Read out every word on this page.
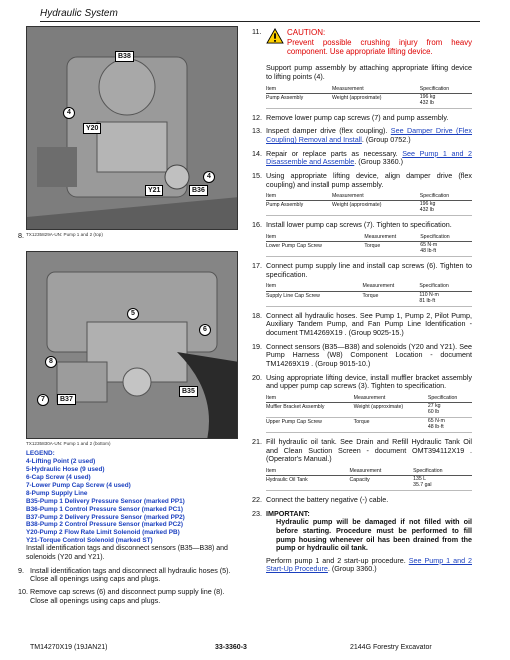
Hydraulic System
B38
4
Y20
4
Y21	B36
8. TX1235829A-UN: Pump 1 and 2 (top)
5
6
8
7	B37
B35
TX1235830A-UN: Pump 1 and 2 (bottom)
LEGEND:
4-Lifting Point (2 used)
5-Hydraulic Hose (9 used)
6-Cap Screw (4 used)
7-Lower Pump Cap Screw (4 used)
8-Pump Supply Line
B35-Pump 1 Delivery Pressure Sensor (marked PP1)
B36-Pump 1 Control Pressure Sensor (marked PC1)
B37-Pump 2 Delivery Pressure Sensor (marked PP2)
B38-Pump 2 Control Pressure Sensor (marked PC2)
Y20-Pump 2 Flow Rate Limit Solenoid (marked PB)
Y21-Torque Control Solenoid (marked ST)
Install identification tags and disconnect sensors (B35—B38) and solenoids (Y20 and Y21).
9. Install identification tags and disconnect all hydraulic hoses (5). Close all openings using caps and plugs.
10. Remove cap screws (6) and disconnect pump supply line (8). Close all openings using caps and plugs.
11.	CAUTION:
Prevent possible crushing injury from heavy component. Use appropriate lifting device.
Support pump assembly by attaching appropriate lifting device to lifting points (4).
Item	Measurement	Specification
Pump Assembly	Weight (approximate)	196 kg
432 lb
12. Remove lower pump cap screws (7) and pump assembly.
13. Inspect damper drive (flex coupling). See Damper Drive (Flex Coupling) Removal and Install. (Group 0752.)
14. Repair or replace parts as necessary. See Pump 1 and 2 Disassemble and Assemble. (Group 3360.)
15. Using appropriate lifting device, align damper drive (flex coupling) and install pump assembly.
Item	Measurement	Specification
Pump Assembly	Weight (approximate)	196 kg
432 lb
16. Install lower pump cap screws (7). Tighten to specification.
Item	Measurement	Specification
Lower Pump Cap Screw	Torque	65 N·m
48 lb·ft
17. Connect pump supply line and install cap screws (6). Tighten to specification.
Item	Measurement	Specification
Supply Line Cap Screw	Torque	110 N·m
81 lb·ft
18. Connect all hydraulic hoses. See Pump 1, Pump 2, Pilot Pump, Auxiliary Tandem Pump, and Fan Pump Line Identification - document TM14269X19 . (Group 9025-15.)
19. Connect sensors (B35—B38) and solenoids (Y20 and Y21). See Pump Harness (W8) Component Location - document TM14269X19 . (Group 9015-10.)
20. Using appropriate lifting device, install muffler bracket assembly and upper pump cap screws (3). Tighten to specification.
Item	Measurement	Specification
Muffler Bracket Assembly	Weight (approximate)	27 kg
60 lb
Upper Pump Cap Screw	Torque	65 N·m
48 lb·ft
21. Fill hydraulic oil tank. See Drain and Refill Hydraulic Tank Oil and Clean Suction Screen - document OMT394112X19 . (Operator's Manual.)
Item	Measurement	Specification
Hydraulic Oil Tank	Capacity	135 L
35.7 gal
22. Connect the battery negative (-) cable.
23. IMPORTANT:
Hydraulic pump will be damaged if not filled with oil before starting. Procedure must be performed to fill pump housing whenever oil has been drained from the pump or hydraulic oil tank.
Perform pump 1 and 2 start-up procedure. See Pump 1 and 2 Start-Up Procedure. (Group 3360.)
TM14270X19 (19JAN21)	33-3360-3	2144G Forestry Excavator
